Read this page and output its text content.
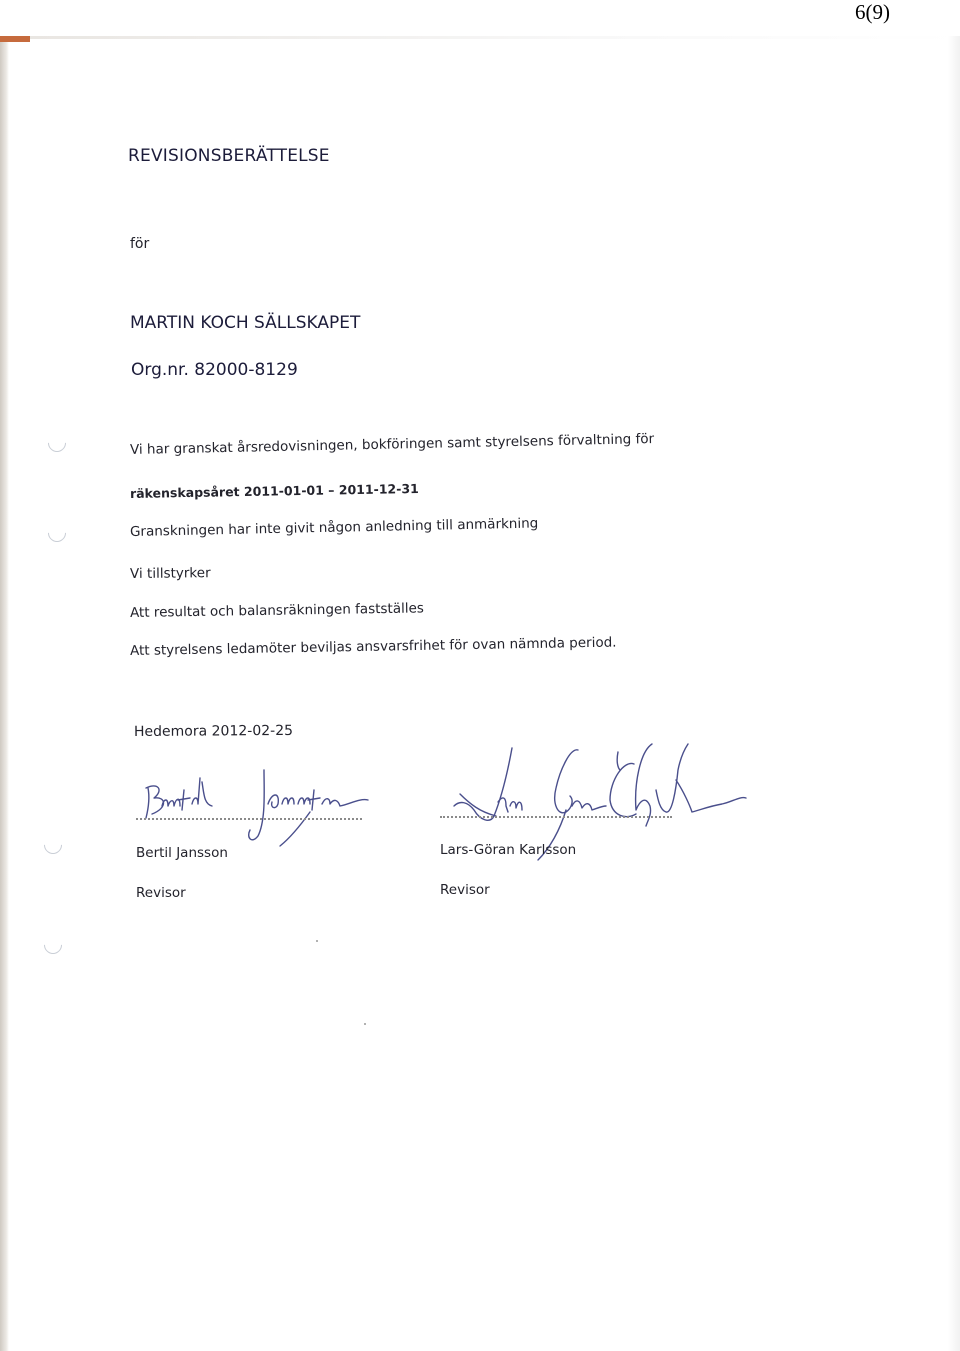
6(9)
REVISIONSBERÄTTELSE
för
MARTIN KOCH SÄLLSKAPET
Org.nr. 82000-8129
Vi har granskat årsredovisningen, bokföringen samt styrelsens förvaltning för
räkenskapsåret 2011-01-01 – 2011-12-31
Granskningen har inte givit någon anledning till anmärkning
Vi tillstyrker
Att resultat och balansräkningen fastställes
Att styrelsens ledamöter beviljas ansvarsfrihet för ovan nämnda period.
Hedemora 2012-02-25
Bertil Jansson
Revisor
Lars-Göran Karlsson
Revisor
